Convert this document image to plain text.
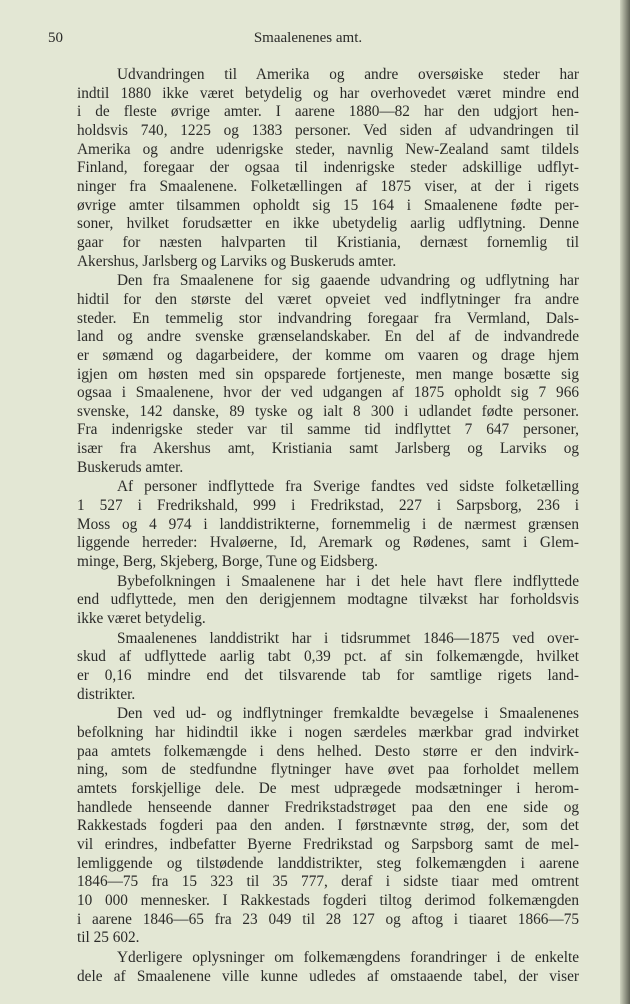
50	Smaalenenes amt.
Udvandringen til Amerika og andre oversøiske steder har
indtil 1880 ikke været betydelig og har overhovedet været mindre end
i de fleste øvrige amter. I aarene 1880—82 har den udgjort hen-
holdsvis 740, 1225 og 1383 personer. Ved siden af udvandringen til
Amerika og andre udenrigske steder, navnlig New-Zealand samt tildels
Finland, foregaar der ogsaa til indenrigske steder adskillige udflyt-
ninger fra Smaalenene. Folketællingen af 1875 viser, at der i rigets
øvrige amter tilsammen opholdt sig 15 164 i Smaalenene fødte per-
soner, hvilket forudsætter en ikke ubetydelig aarlig udflytning. Denne
gaar for næsten halvparten til Kristiania, dernæst fornemlig til
Akershus, Jarlsberg og Larviks og Buskeruds amter.
Den fra Smaalenene for sig gaaende udvandring og udflytning har
hidtil for den største del været opveiet ved indflytninger fra andre
steder. En temmelig stor indvandring foregaar fra Vermland, Dals-
land og andre svenske grænselandskaber. En del af de indvandrede
er sømænd og dagarbeidere, der komme om vaaren og drage hjem
igjen om høsten med sin opsparede fortjeneste, men mange bosætte sig
ogsaa i Smaalenene, hvor der ved udgangen af 1875 opholdt sig 7 966
svenske, 142 danske, 89 tyske og ialt 8 300 i udlandet fødte personer.
Fra indenrigske steder var til samme tid indflyttet 7 647 personer,
især fra Akershus amt, Kristiania samt Jarlsberg og Larviks og
Buskeruds amter.
Af personer indflyttede fra Sverige fandtes ved sidste folketælling
1 527 i Fredrikshald, 999 i Fredrikstad, 227 i Sarpsborg, 236 i
Moss og 4 974 i landdistrikterne, fornemmelig i de nærmest grænsen
liggende herreder: Hvaløerne, Id, Aremark og Rødenes, samt i Glem-
minge, Berg, Skjeberg, Borge, Tune og Eidsberg.
Bybefolkningen i Smaalenene har i det hele havt flere indflyttede
end udflyttede, men den derigjennem modtagne tilvækst har forholdsvis
ikke været betydelig.
Smaalenenes landdistrikt har i tidsrummet 1846—1875 ved over-
skud af udflyttede aarlig tabt 0,39 pct. af sin folkemængde, hvilket
er 0,16 mindre end det tilsvarende tab for samtlige rigets land-
distrikter.
Den ved ud- og indflytninger fremkaldte bevægelse i Smaalenenes
befolkning har hidindtil ikke i nogen særdeles mærkbar grad indvirket
paa amtets folkemængde i dens helhed. Desto større er den indvirk-
ning, som de stedfundne flytninger have øvet paa forholdet mellem
amtets forskjellige dele. De mest udprægede modsætninger i herom-
handlede henseende danner Fredrikstadstrøget paa den ene side og
Rakkestads fogderi paa den anden. I førstnævnte strøg, der, som det
vil erindres, indbefatter Byerne Fredrikstad og Sarpsborg samt de mel-
lemliggende og tilstødende landdistrikter, steg folkemængden i aarene
1846—75 fra 15 323 til 35 777, deraf i sidste tiaar med omtrent
10 000 mennesker. I Rakkestads fogderi tiltog derimod folkemængden
i aarene 1846—65 fra 23 049 til 28 127 og aftog i tiaaret 1866—75
til 25 602.
Yderligere oplysninger om folkemængdens forandringer i de enkelte
dele af Smaalenene ville kunne udledes af omstaaende tabel, der viser
